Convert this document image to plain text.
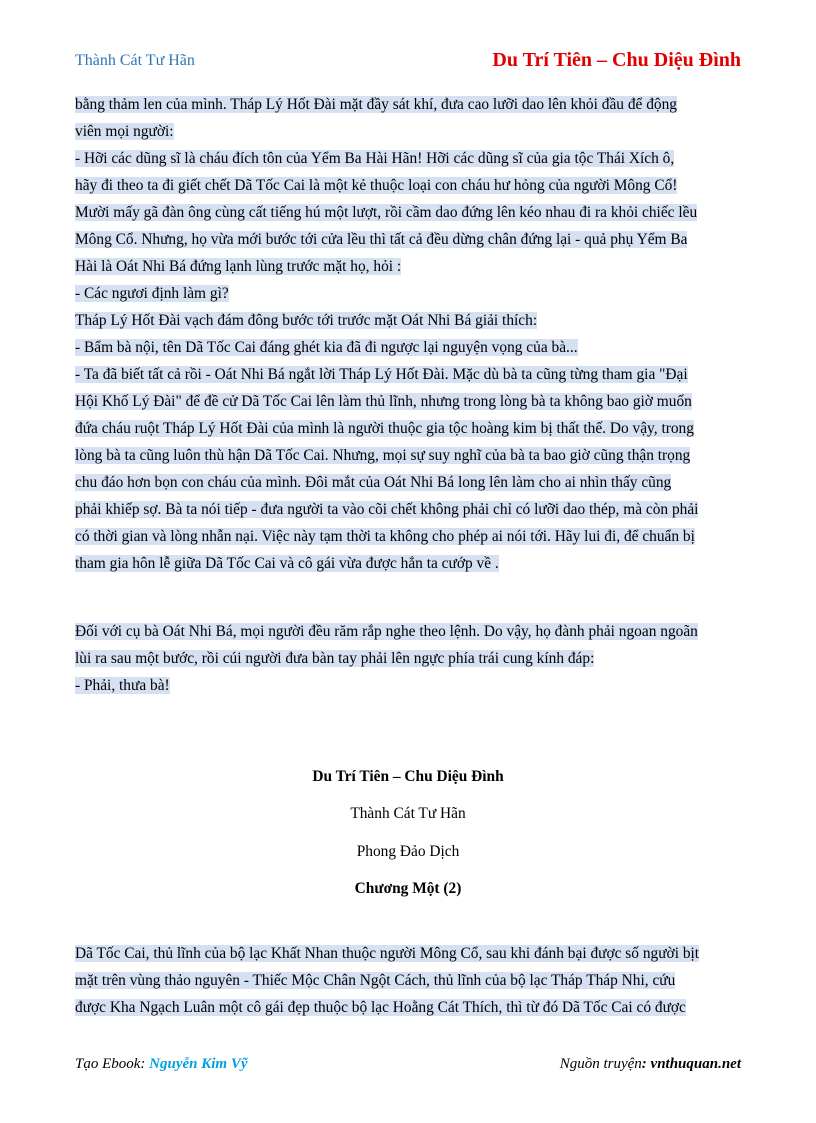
Thành Cát Tư Hãn	Du Trí Tiên – Chu Diệu Đình
bằng thảm len của mình. Tháp Lý Hốt Đài mặt đầy sát khí, đưa cao lưỡi dao lên khỏi đầu để động
viên mọi người:
- Hỡi các dũng sĩ là cháu đích tôn của Yểm Ba Hài Hãn! Hỡi các dũng sĩ của gia tộc Thái Xích ô,
hãy đi theo ta đi giết chết Dã Tốc Cai là một kẻ thuộc loại con cháu hư hỏng của người Mông Cổ!
Mười mấy gã đàn ông cùng cất tiếng hú một lượt, rồi cầm dao đứng lên kéo nhau đi ra khỏi chiếc lều
Mông Cổ. Nhưng, họ vừa mới bước tới cửa lều thì tất cả đều dừng chân đứng lại - quả phụ Yểm Ba
Hài là Oát Nhi Bá đứng lạnh lùng trước mặt họ, hỏi :
- Các ngươi định làm gì?
Tháp Lý Hốt Đài vạch đám đông bước tới trước mặt Oát Nhi Bá giải thích:
- Bẩm bà nội, tên Dã Tốc Cai đáng ghét kia đã đi ngược lại nguyện vọng của bà...
- Ta đã biết tất cả rồi - Oát Nhi Bá ngắt lời Tháp Lý Hốt Đài. Mặc dù bà ta cũng từng tham gia "Đại
Hội Khố Lý Đài" để đề cử Dã Tốc Cai lên làm thủ lĩnh, nhưng trong lòng bà ta không bao giờ muốn
đứa cháu ruột Tháp Lý Hốt Đài của mình là người thuộc gia tộc hoàng kim bị thất thế. Do vậy, trong
lòng bà ta cũng luôn thù hận Dã Tốc Cai. Nhưng, mọi sự suy nghĩ của bà ta bao giờ cũng thận trọng
chu đáo hơn bọn con cháu của mình. Đôi mắt của Oát Nhi Bá long lên làm cho ai nhìn thấy cũng
phải khiếp sợ. Bà ta nói tiếp - đưa người ta vào cõi chết không phải chỉ có lưỡi dao thép, mà còn phải
có thời gian và lòng nhẫn nại. Việc này tạm thời ta không cho phép ai nói tới. Hãy lui đi, để chuẩn bị
tham gia hôn lễ giữa Dã Tốc Cai và cô gái vừa được hắn ta cướp về .
Đối với cụ bà Oát Nhi Bá, mọi người đều răm rắp nghe theo lệnh. Do vậy, họ đành phải ngoan ngoãn
lùi ra sau một bước, rồi cúi người đưa bàn tay phải lên ngực phía trái cung kính đáp:
- Phải, thưa bà!
Du Trí Tiên – Chu Diệu Đình
Thành Cát Tư Hãn
Phong Đảo Dịch
Chương Một (2)
Dã Tốc Cai, thủ lĩnh của bộ lạc Khất Nhan thuộc người Mông Cổ, sau khi đánh bại được số người bịt
mặt trên vùng thảo nguyên - Thiếc Mộc Chân Ngột Cách, thủ lĩnh của bộ lạc Tháp Tháp Nhi, cứu
được Kha Ngạch Luân một cô gái đẹp thuộc bộ lạc Hoằng Cát Thích, thì từ đó Dã Tốc Cai có được
Tạo Ebook: Nguyễn Kim Vỹ	Nguồn truyện: vnthuquan.net
